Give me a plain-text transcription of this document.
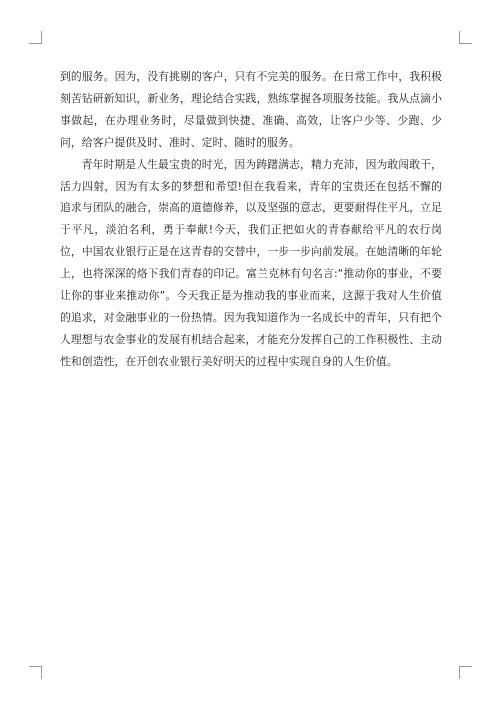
到的服务。因为，没有挑剔的客户，只有不完美的服务。在日常工作中，我积极刻苦钻研新知识，新业务，理论结合实践，熟练掌握各项服务技能。我从点滴小事做起，在办理业务时，尽量做到快捷、准确、高效，让客户少等、少跑、少问，给客户提供及时、准时、定时、随时的服务。

青年时期是人生最宝贵的时光，因为踌躇满志，精力充沛，因为敢闯敢干，活力四射，因为有太多的梦想和希望!但在我看来，青年的宝贵还在包括不懈的追求与团队的融合，崇高的道德修养，以及坚强的意志，更要耐得住平凡，立足于平凡，淡泊名利，勇于奉献!今天，我们正把如火的青春献给平凡的农行岗位，中国农业银行正是在这青春的交替中，一步一步向前发展。在她清晰的年轮上，也将深深的烙下我们青春的印记。富兰克林有句名言:“推动你的事业，不要让你的事业来推动你”。今天我正是为推动我的事业而来，这源于我对人生价值的追求，对金融事业的一份热情。因为我知道作为一名成长中的青年，只有把个人理想与农金事业的发展有机结合起来，才能充分发挥自己的工作积极性、主动性和创造性，在开创农业银行美好明天的过程中实现自身的人生价值。
